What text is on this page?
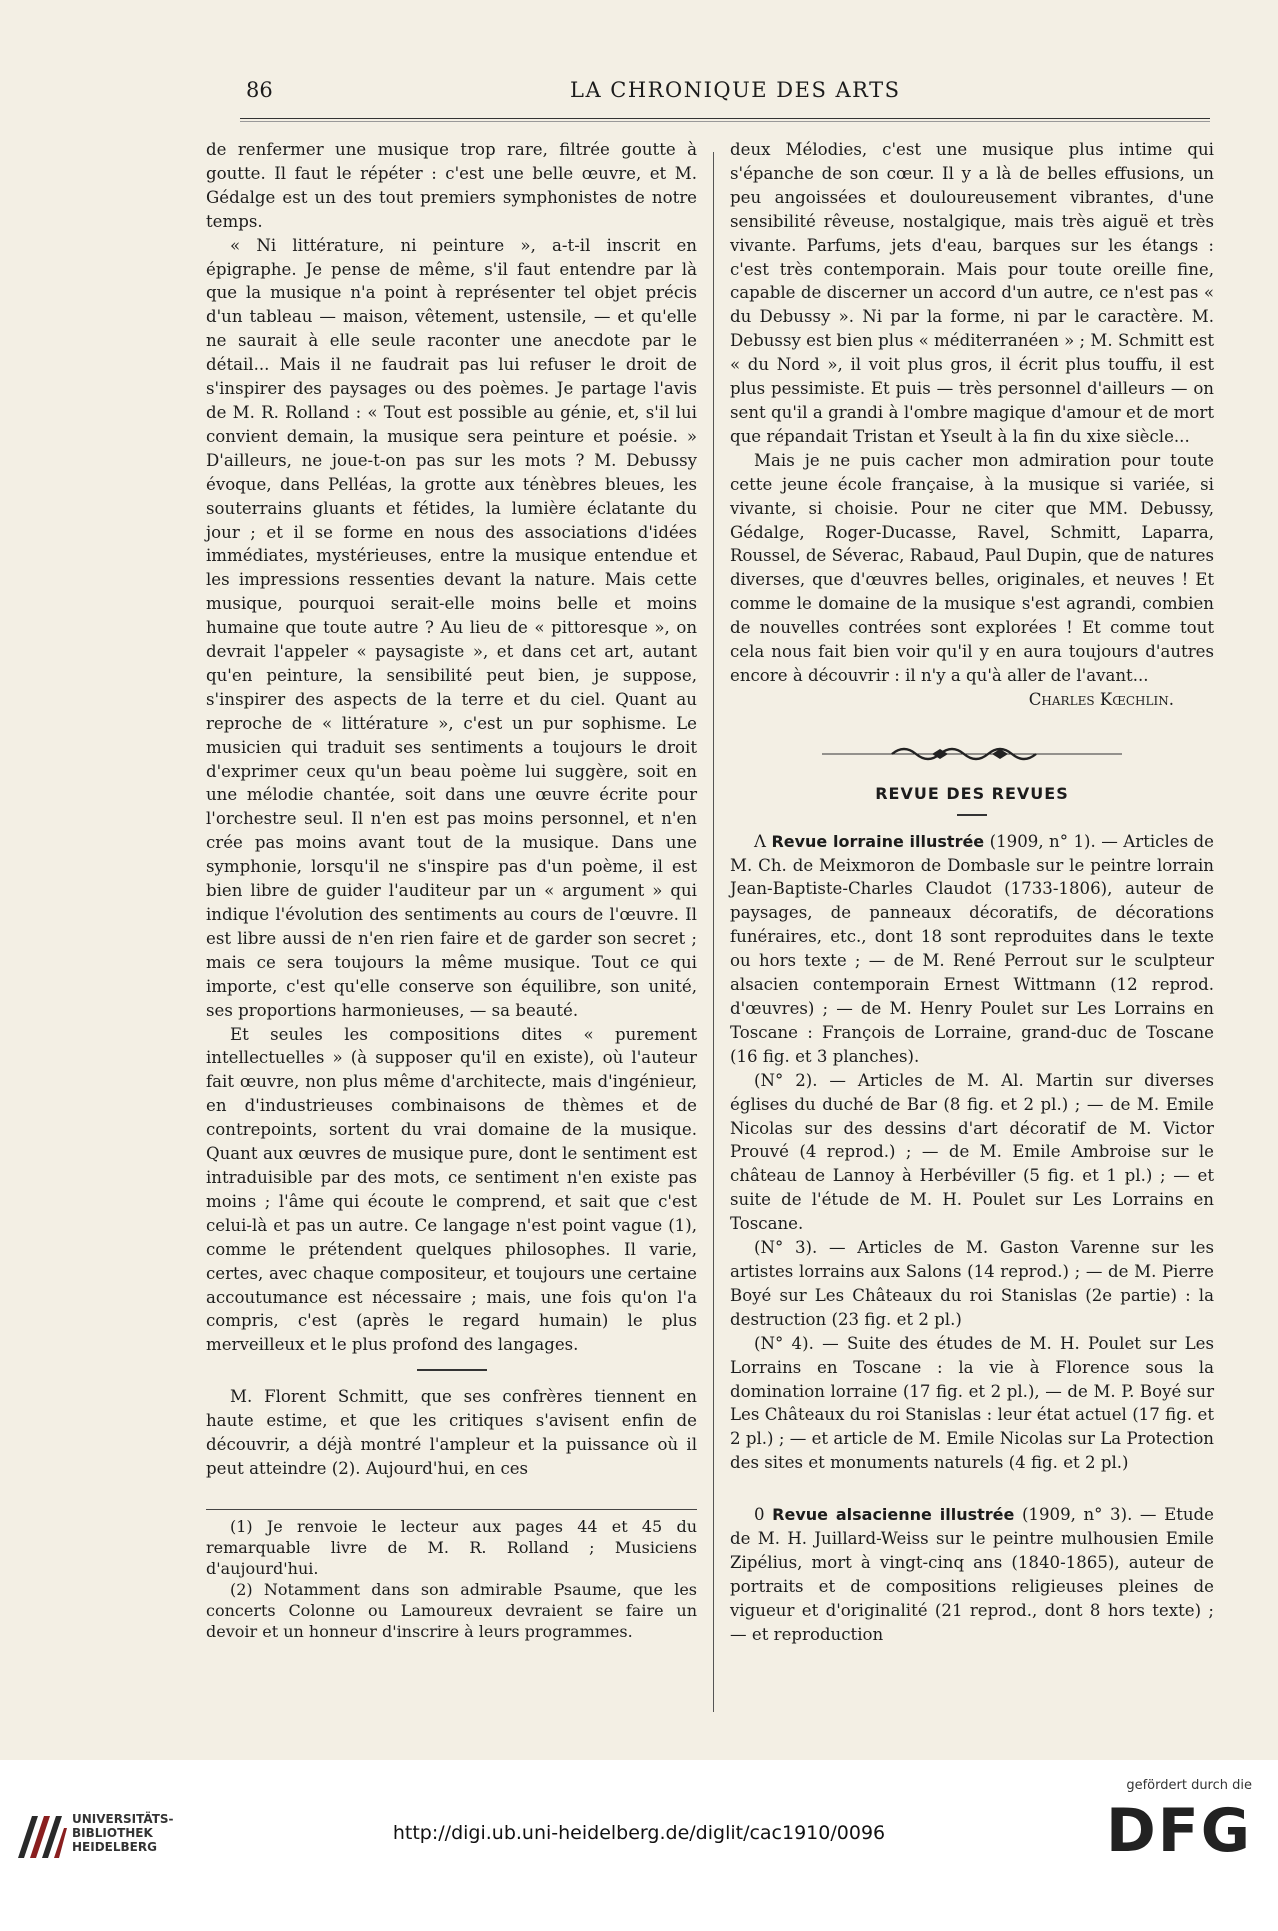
86	LA CHRONIQUE DES ARTS

de renfermer une musique trop rare, filtrée goutte à goutte. Il faut le répéter : c'est une belle œuvre, et M. Gédalge est un des tout premiers symphonistes de notre temps.

« Ni littérature, ni peinture », a-t-il inscrit en épigraphe. Je pense de même, s'il faut entendre par là que la musique n'a point à représenter tel objet précis d'un tableau — maison, vêtement, ustensile, — et qu'elle ne saurait à elle seule raconter une anecdote par le détail... Mais il ne faudrait pas lui refuser le droit de s'inspirer des paysages ou des poèmes. Je partage l'avis de M. R. Rolland : « Tout est possible au génie, et, s'il lui convient demain, la musique sera peinture et poésie. » D'ailleurs, ne joue-t-on pas sur les mots ? M. Debussy évoque, dans Pelléas, la grotte aux ténèbres bleues, les souterrains gluants et fétides, la lumière éclatante du jour ; et il se forme en nous des associations d'idées immédiates, mystérieuses, entre la musique entendue et les impressions ressenties devant la nature. Mais cette musique, pourquoi serait-elle moins belle et moins humaine que toute autre ? Au lieu de « pittoresque », on devrait l'appeler « paysagiste », et dans cet art, autant qu'en peinture, la sensibilité peut bien, je suppose, s'inspirer des aspects de la terre et du ciel. Quant au reproche de « littérature », c'est un pur sophisme. Le musicien qui traduit ses sentiments a toujours le droit d'exprimer ceux qu'un beau poème lui suggère, soit en une mélodie chantée, soit dans une œuvre écrite pour l'orchestre seul. Il n'en est pas moins personnel, et n'en crée pas moins avant tout de la musique. Dans une symphonie, lorsqu'il ne s'inspire pas d'un poème, il est bien libre de guider l'auditeur par un « argument » qui indique l'évolution des sentiments au cours de l'œuvre. Il est libre aussi de n'en rien faire et de garder son secret ; mais ce sera toujours la même musique. Tout ce qui importe, c'est qu'elle conserve son équilibre, son unité, ses proportions harmonieuses, — sa beauté.

Et seules les compositions dites « purement intellectuelles » (à supposer qu'il en existe), où l'auteur fait œuvre, non plus même d'architecte, mais d'ingénieur, en d'industrieuses combinaisons de thèmes et de contrepoints, sortent du vrai domaine de la musique. Quant aux œuvres de musique pure, dont le sentiment est intraduisible par des mots, ce sentiment n'en existe pas moins ; l'âme qui écoute le comprend, et sait que c'est celui-là et pas un autre. Ce langage n'est point vague (1), comme le prétendent quelques philosophes. Il varie, certes, avec chaque compositeur, et toujours une certaine accoutumance est nécessaire ; mais, une fois qu'on l'a compris, c'est (après le regard humain) le plus merveilleux et le plus profond des langages.

M. Florent Schmitt, que ses confrères tiennent en haute estime, et que les critiques s'avisent enfin de découvrir, a déjà montré l'ampleur et la puissance où il peut atteindre (2). Aujourd'hui, en ces

(1) Je renvoie le lecteur aux pages 44 et 45 du remarquable livre de M. R. Rolland ; Musiciens d'aujourd'hui.

(2) Notamment dans son admirable Psaume, que les concerts Colonne ou Lamoureux devraient se faire un devoir et un honneur d'inscrire à leurs programmes.

deux Mélodies, c'est une musique plus intime qui s'épanche de son cœur. Il y a là de belles effusions, un peu angoissées et douloureusement vibrantes, d'une sensibilité rêveuse, nostalgique, mais très aiguë et très vivante. Parfums, jets d'eau, barques sur les étangs : c'est très contemporain. Mais pour toute oreille fine, capable de discerner un accord d'un autre, ce n'est pas « du Debussy ». Ni par la forme, ni par le caractère. M. Debussy est bien plus « méditerranéen » ; M. Schmitt est « du Nord », il voit plus gros, il écrit plus touffu, il est plus pessimiste. Et puis — très personnel d'ailleurs — on sent qu'il a grandi à l'ombre magique d'amour et de mort que répandait Tristan et Yseult à la fin du xixe siècle...

Mais je ne puis cacher mon admiration pour toute cette jeune école française, à la musique si variée, si vivante, si choisie. Pour ne citer que MM. Debussy, Gédalge, Roger-Ducasse, Ravel, Schmitt, Laparra, Roussel, de Séverac, Rabaud, Paul Dupin, que de natures diverses, que d'œuvres belles, originales, et neuves ! Et comme le domaine de la musique s'est agrandi, combien de nouvelles contrées sont explorées ! Et comme tout cela nous fait bien voir qu'il y en aura toujours d'autres encore à découvrir : il n'y a qu'à aller de l'avant...

Charles Kœchlin.

REVUE DES REVUES

Λ Revue lorraine illustrée (1909, n° 1). — Articles de M. Ch. de Meixmoron de Dombasle sur le peintre lorrain Jean-Baptiste-Charles Claudot (1733-1806), auteur de paysages, de panneaux décoratifs, de décorations funéraires, etc., dont 18 sont reproduites dans le texte ou hors texte ; — de M. René Perrout sur le sculpteur alsacien contemporain Ernest Wittmann (12 reprod. d'œuvres) ; — de M. Henry Poulet sur Les Lorrains en Toscane : François de Lorraine, grand-duc de Toscane (16 fig. et 3 planches).

(N° 2). — Articles de M. Al. Martin sur diverses églises du duché de Bar (8 fig. et 2 pl.) ; — de M. Emile Nicolas sur des dessins d'art décoratif de M. Victor Prouvé (4 reprod.) ; — de M. Emile Ambroise sur le château de Lannoy à Herbéviller (5 fig. et 1 pl.) ; — et suite de l'étude de M. H. Poulet sur Les Lorrains en Toscane.

(N° 3). — Articles de M. Gaston Varenne sur les artistes lorrains aux Salons (14 reprod.) ; — de M. Pierre Boyé sur Les Châteaux du roi Stanislas (2e partie) : la destruction (23 fig. et 2 pl.)

(N° 4). — Suite des études de M. H. Poulet sur Les Lorrains en Toscane : la vie à Florence sous la domination lorraine (17 fig. et 2 pl.), — de M. P. Boyé sur Les Châteaux du roi Stanislas : leur état actuel (17 fig. et 2 pl.) ; — et article de M. Emile Nicolas sur La Protection des sites et monuments naturels (4 fig. et 2 pl.)

0 Revue alsacienne illustrée (1909, n° 3). — Etude de M. H. Juillard-Weiss sur le peintre mulhousien Emile Zipélius, mort à vingt-cinq ans (1840-1865), auteur de portraits et de compositions religieuses pleines de vigueur et d'originalité (21 reprod., dont 8 hors texte) ; — et reproduction

UNIVERSITÄTS-
BIBLIOTHEK
HEIDELBERG
http://digi.ub.uni-heidelberg.de/diglit/cac1910/0096
gefördert durch die
DFG
